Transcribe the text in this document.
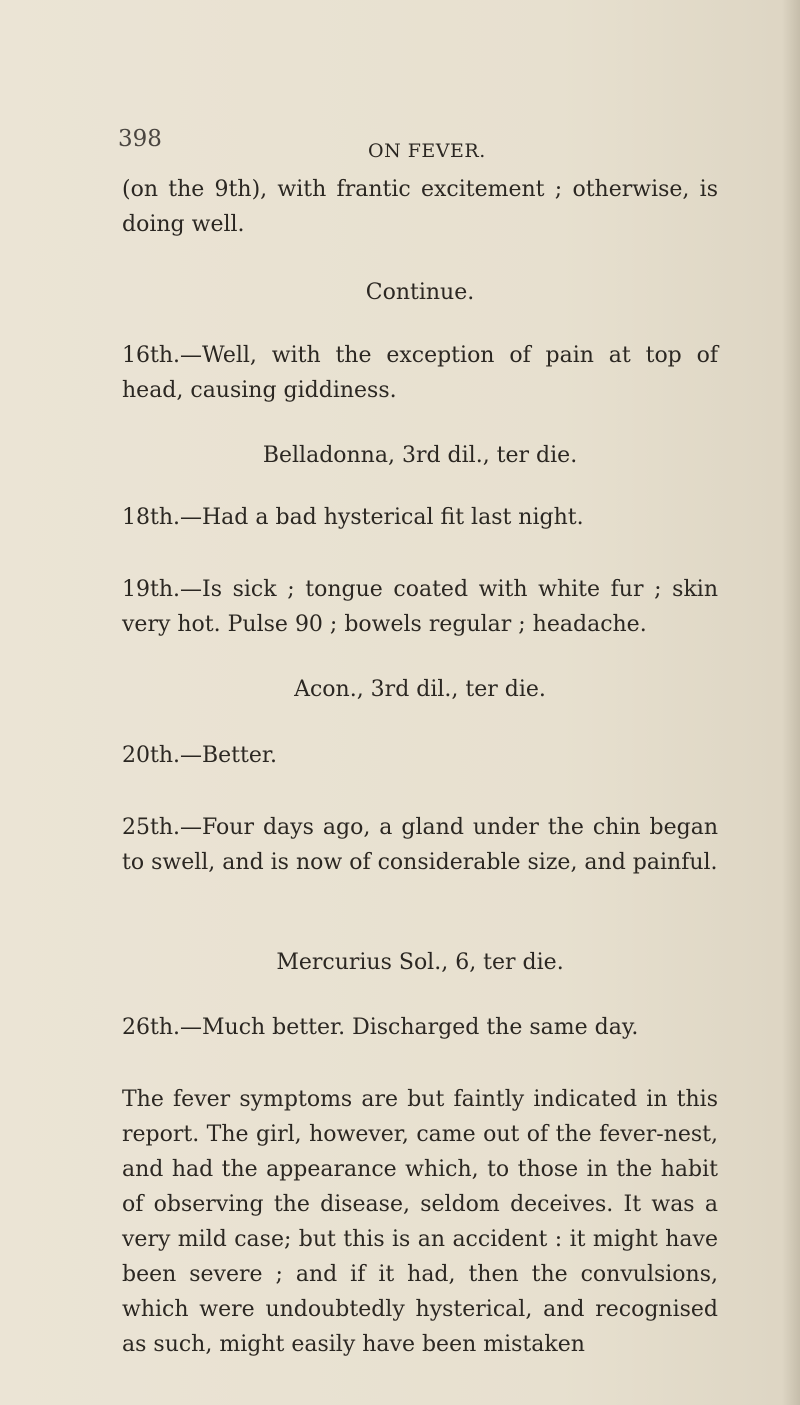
398	ON FEVER.

(on the 9th), with frantic excitement ; otherwise, is doing well.

Continue.

16th.—Well, with the exception of pain at top of head, causing giddiness.

Belladonna, 3rd dil., ter die.

18th.—Had a bad hysterical fit last night.

19th.—Is sick ; tongue coated with white fur ; skin very hot. Pulse 90 ; bowels regular ; headache.

Acon., 3rd dil., ter die.

20th.—Better.

25th.—Four days ago, a gland under the chin began to swell, and is now of considerable size, and painful.

Mercurius Sol., 6, ter die.

26th.—Much better. Discharged the same day.

The fever symptoms are but faintly indicated in this report. The girl, however, came out of the fever-nest, and had the appearance which, to those in the habit of observing the disease, seldom deceives. It was a very mild case; but this is an accident : it might have been severe ; and if it had, then the convulsions, which were undoubtedly hysterical, and recognised as such, might easily have been mistaken
